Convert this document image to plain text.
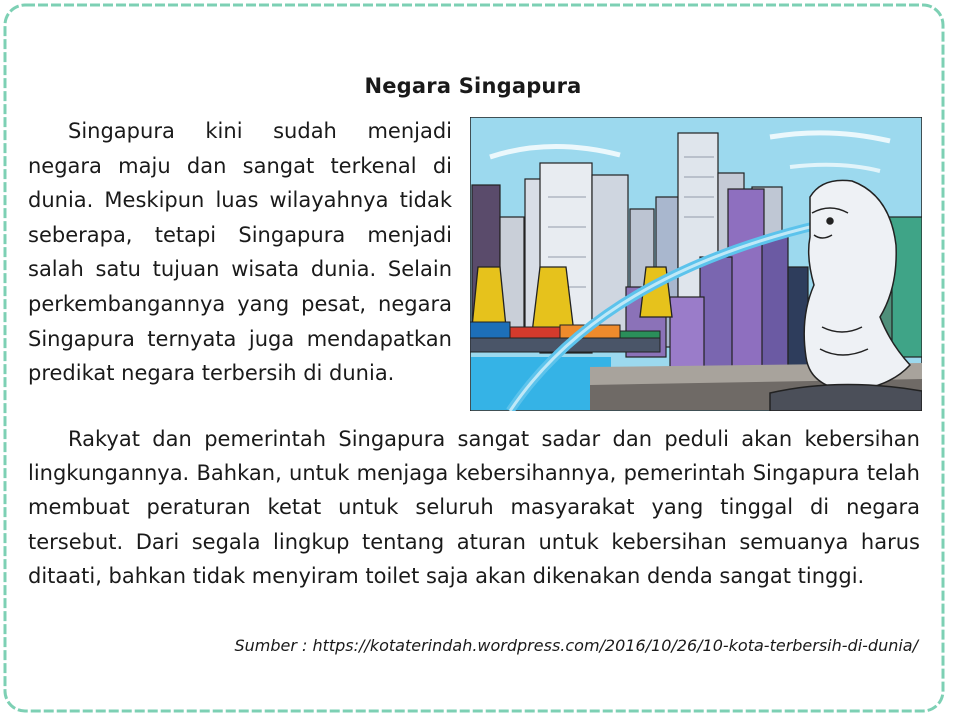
Negara Singapura

Singapura kini sudah menjadi negara maju dan sangat terkenal di dunia. Meskipun luas wilayahnya tidak seberapa, tetapi Singapura menjadi salah satu tujuan wisata dunia. Selain perkembangannya yang pesat, negara Singapura ternyata juga mendapatkan predikat negara terbersih di dunia.

Rakyat dan pemerintah Singapura sangat sadar dan peduli akan kebersihan lingkungannya. Bahkan, untuk menjaga kebersihannya, pemerintah Singapura telah membuat peraturan ketat untuk seluruh masyarakat yang tinggal di negara tersebut. Dari segala lingkup tentang aturan untuk kebersihan semuanya harus ditaati, bahkan tidak menyiram toilet saja akan dikenakan denda sangat tinggi.

Sumber : https://kotaterindah.wordpress.com/2016/10/26/10-kota-terbersih-di-dunia/
